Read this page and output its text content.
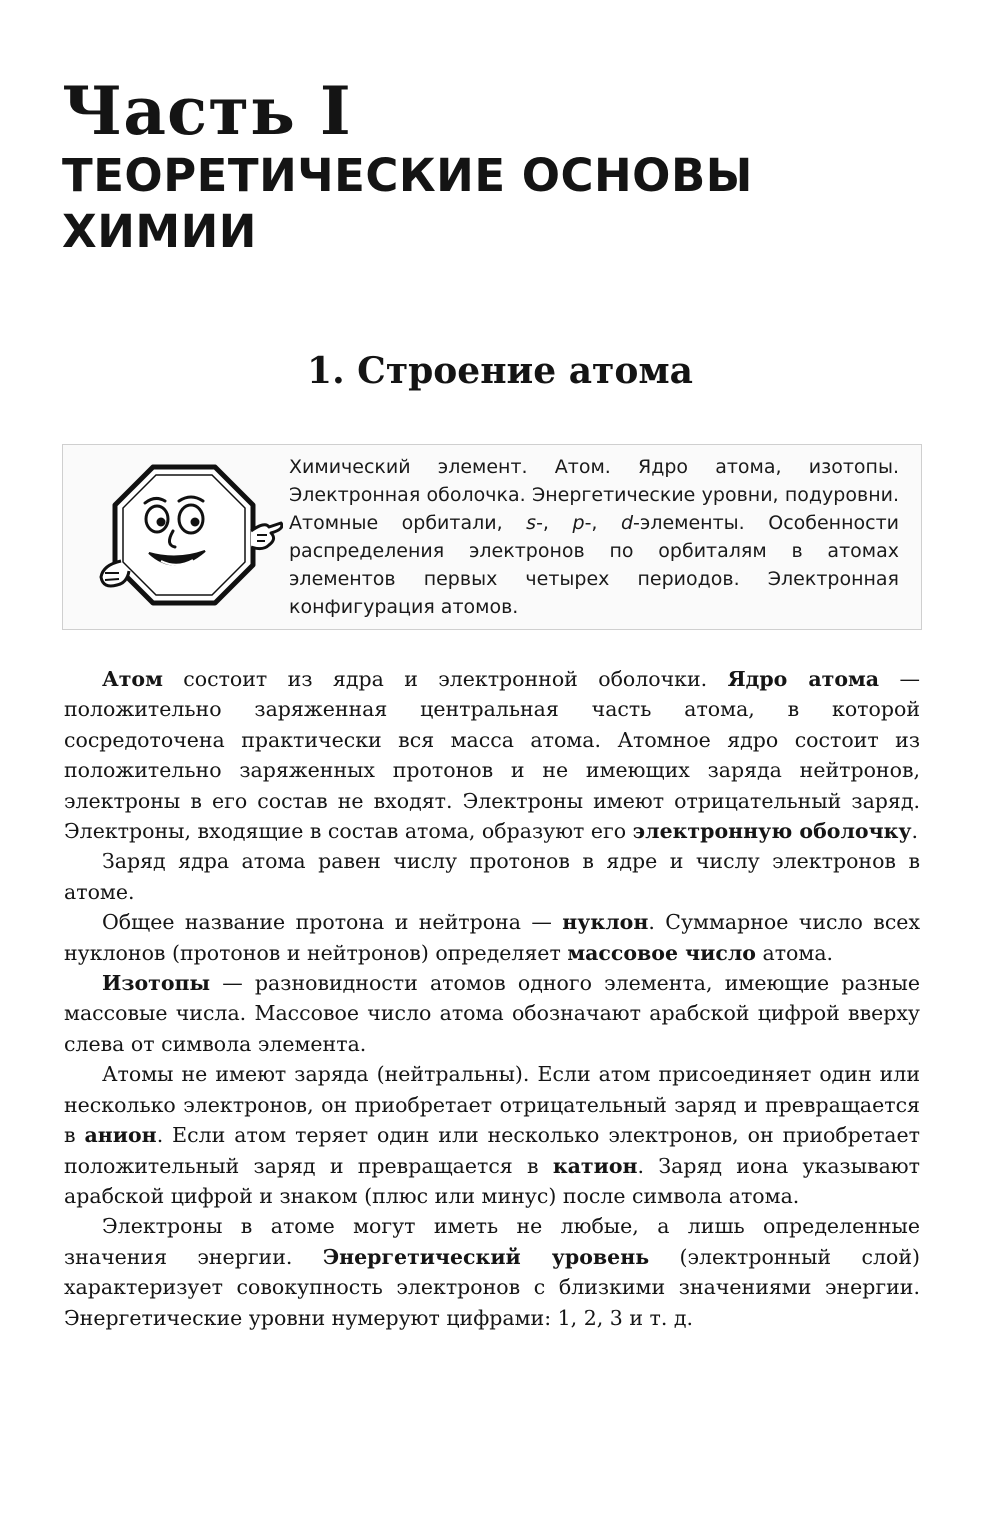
Часть I
ТЕОРЕТИЧЕСКИЕ ОСНОВЫ ХИМИИ
1. Строение атома
Химический элемент. Атом. Ядро атома, изотопы. Электронная оболочка. Энергетические уровни, подуровни. Атомные орбитали, s-, p-, d-элементы. Особенности распределения электронов по орбиталям в атомах элементов первых четырех периодов. Электронная конфигурация атомов.

Атом состоит из ядра и электронной оболочки. Ядро атома — положительно заряженная центральная часть атома, в которой сосредоточена практически вся масса атома. Атомное ядро состоит из положительно заряженных протонов и не имеющих заряда нейтронов, электроны в его состав не входят. Электроны имеют отрицательный заряд. Электроны, входящие в состав атома, образуют его электронную оболочку.

Заряд ядра атома равен числу протонов в ядре и числу электронов в атоме.

Общее название протона и нейтрона — нуклон. Суммарное число всех нуклонов (протонов и нейтронов) определяет массовое число атома.

Изотопы — разновидности атомов одного элемента, имеющие разные массовые числа. Массовое число атома обозначают арабской цифрой вверху слева от символа элемента.

Атомы не имеют заряда (нейтральны). Если атом присоединяет один или несколько электронов, он приобретает отрицательный заряд и превращается в анион. Если атом теряет один или несколько электронов, он приобретает положительный заряд и превращается в катион. Заряд иона указывают арабской цифрой и знаком (плюс или минус) после символа атома.

Электроны в атоме могут иметь не любые, а лишь определенные значения энергии. Энергетический уровень (электронный слой) характеризует совокупность электронов с близкими значениями энергии. Энергетические уровни нумеруют цифрами: 1, 2, 3 и т. д.
